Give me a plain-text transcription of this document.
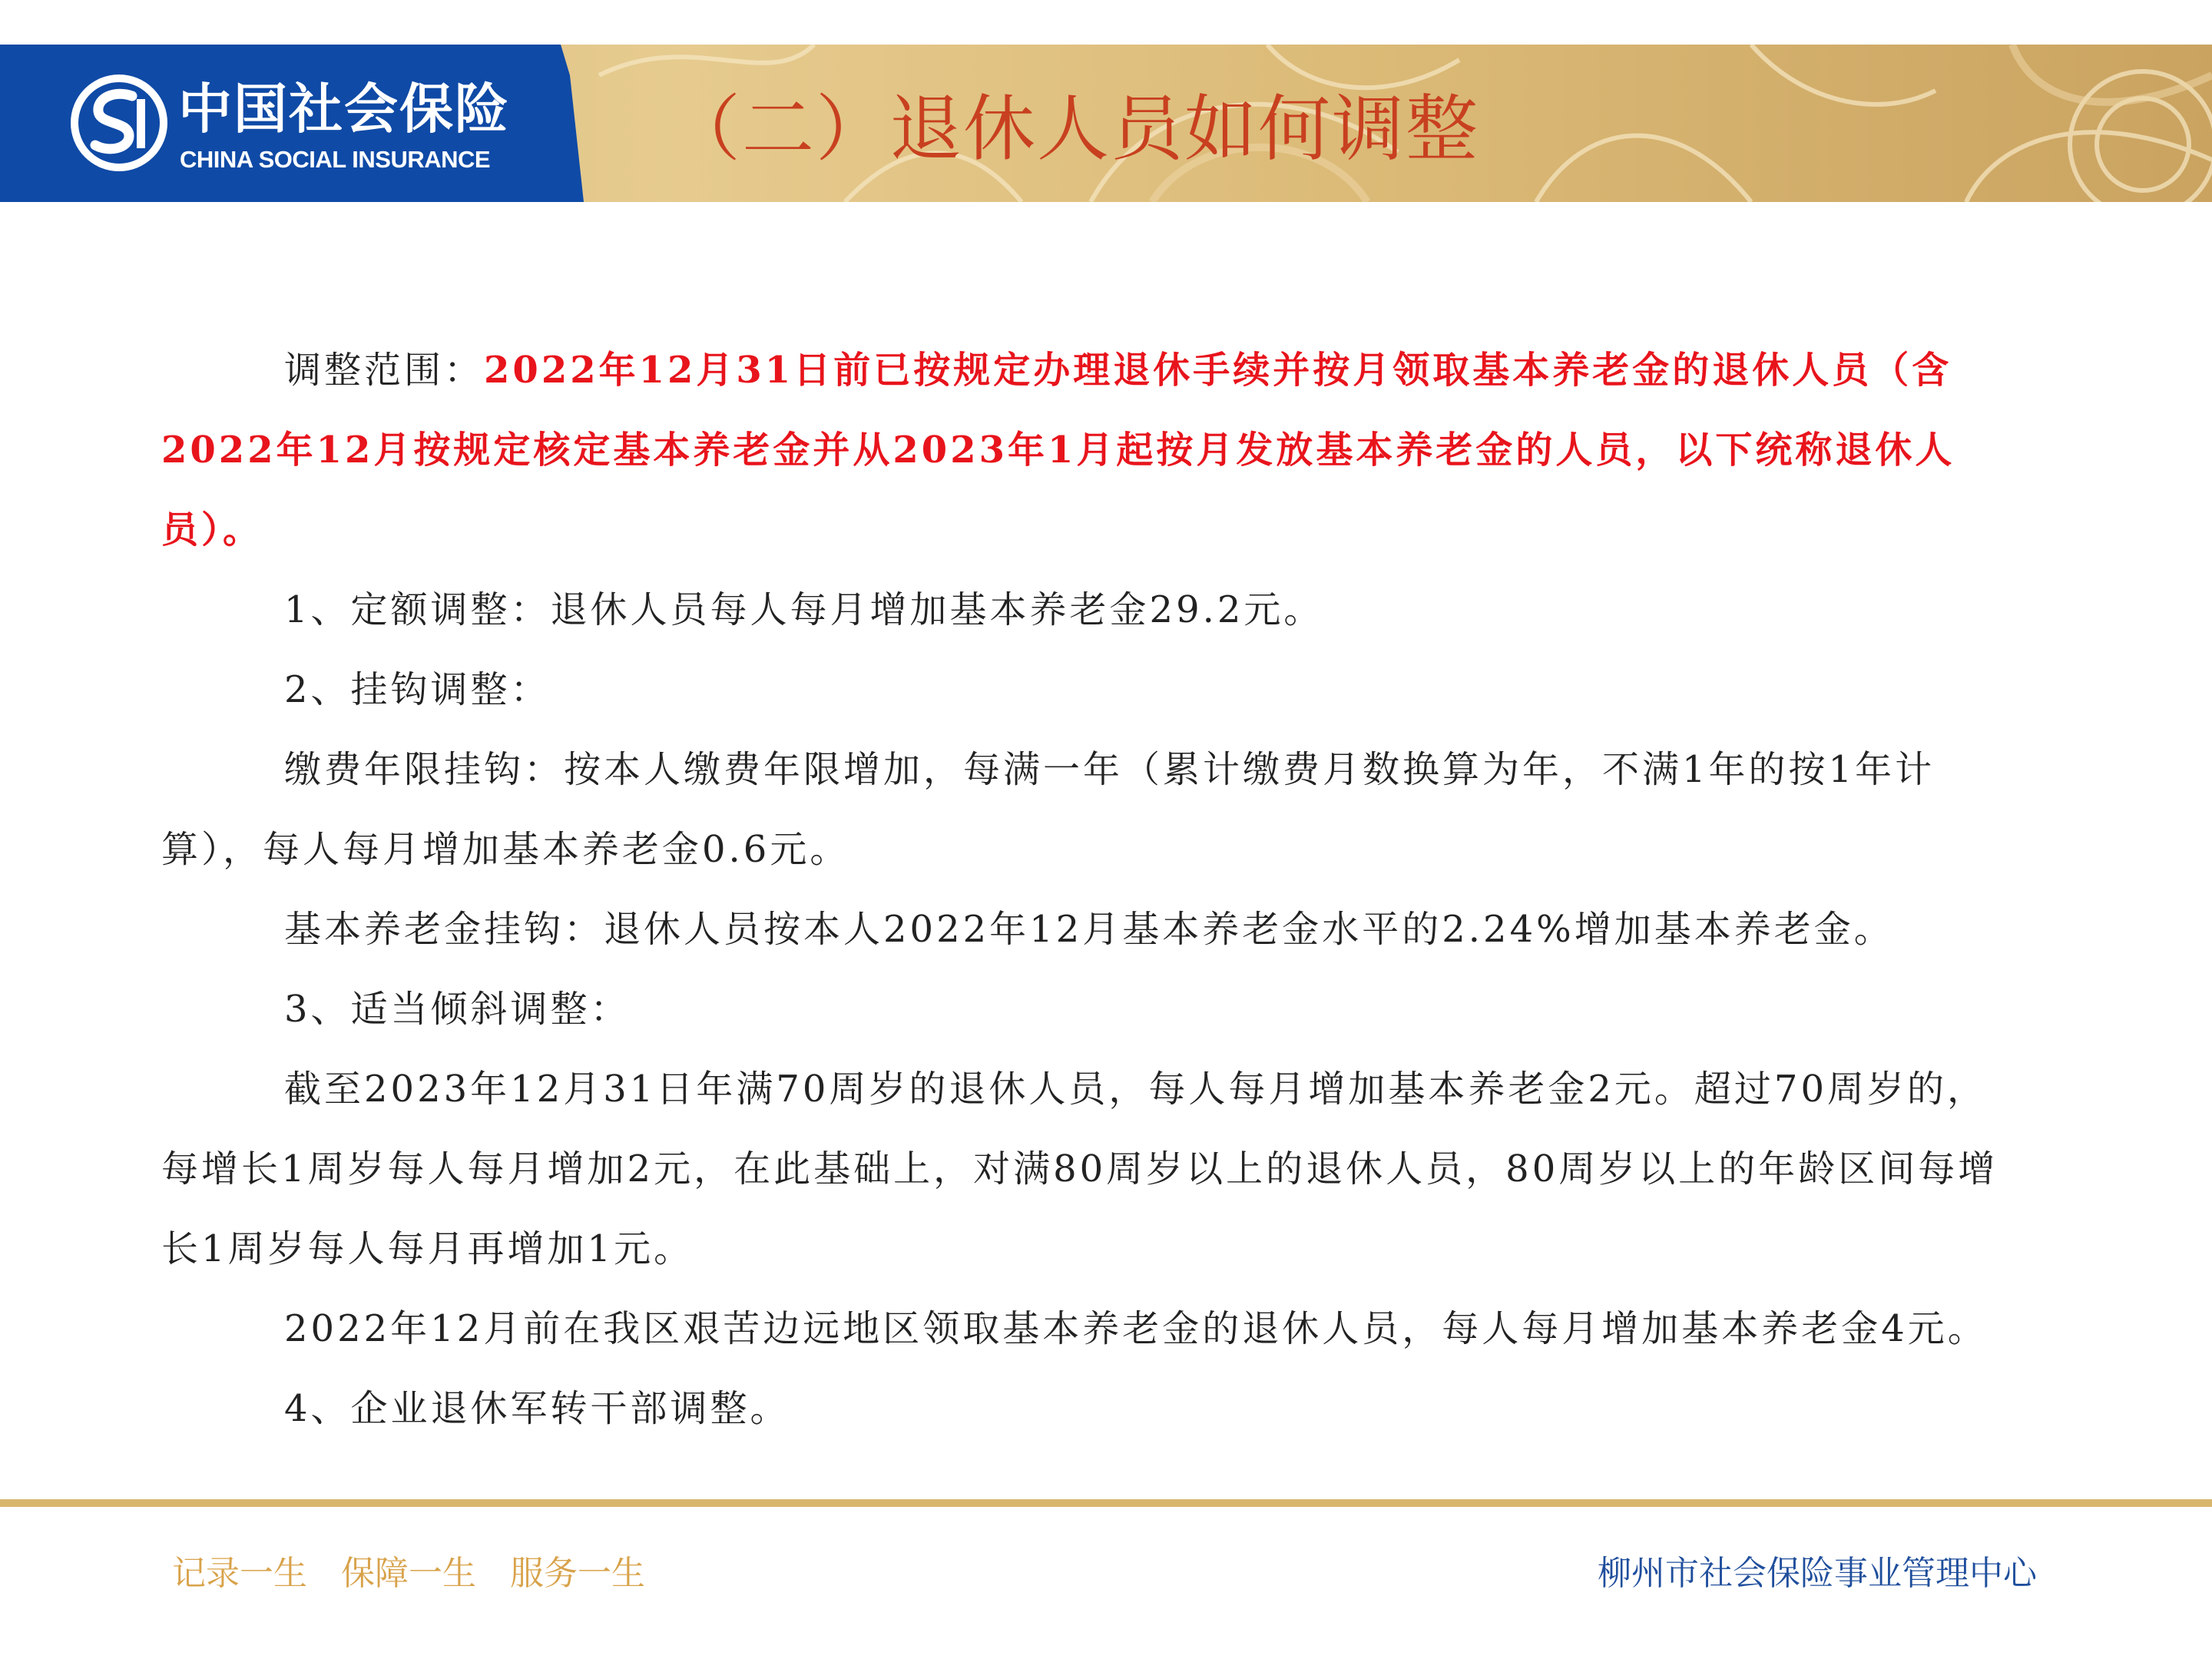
中国社会保险
CHINA SOCIAL INSURANCE （二）退休人员如何调整

调整范围：2022年12月31日前已按规定办理退休手续并按月领取基本养老金的退休人员（含2022年12月按规定核定基本养老金并从2023年1月起按月发放基本养老金的人员，以下统称退休人员）。

1、定额调整：退休人员每人每月增加基本养老金29.2元。

2、挂钩调整：

缴费年限挂钩：按本人缴费年限增加，每满一年（累计缴费月数换算为年，不满1年的按1年计算），每人每月增加基本养老金0.6元。

基本养老金挂钩：退休人员按本人2022年12月基本养老金水平的2.24%增加基本养老金。

3、适当倾斜调整：

截至2023年12月31日年满70周岁的退休人员，每人每月增加基本养老金2元。超过70周岁的，每增长1周岁每人每月增加2元，在此基础上，对满80周岁以上的退休人员，80周岁以上的年龄区间每增长1周岁每人每月再增加1元。

2022年12月前在我区艰苦边远地区领取基本养老金的退休人员，每人每月增加基本养老金4元。

4、企业退休军转干部调整。

记录一生 保障一生 服务一生	柳州市社会保险事业管理中心
